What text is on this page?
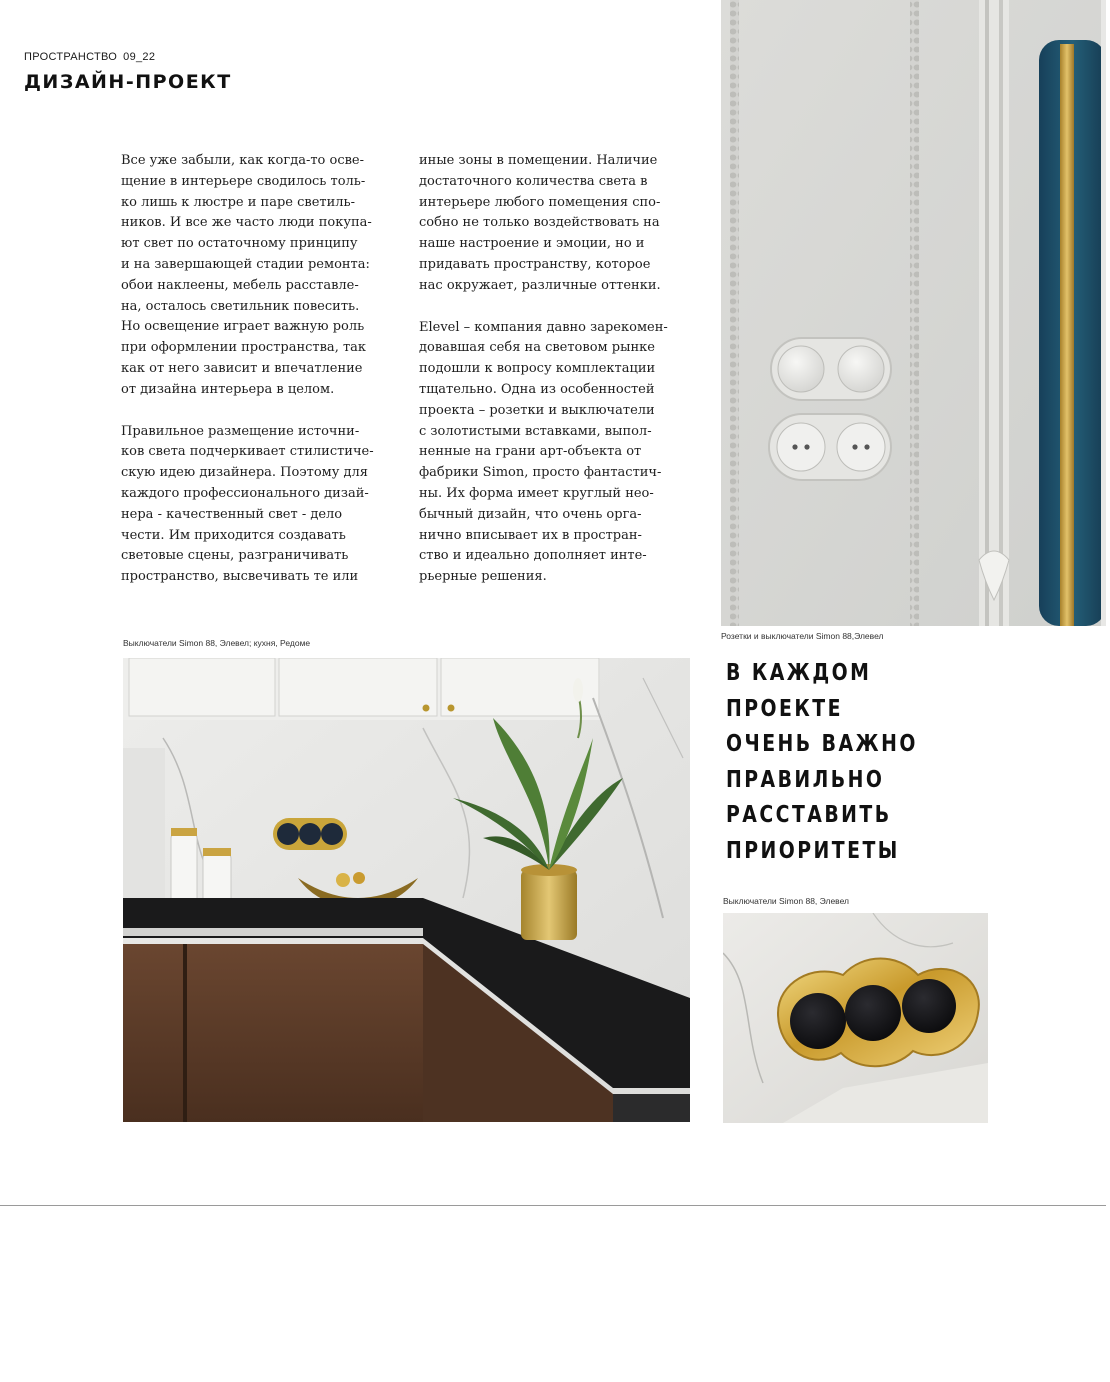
ПРОСТРАНСТВО 09_22
ДИЗАЙН-ПРОЕКТ

Все уже забыли, как когда-то осве-
щение в интерьере сводилось толь-
ко лишь к люстре и паре светиль-
ников. И все же часто люди покупа-
ют свет по остаточному принципу
и на завершающей стадии ремонта:
обои наклеены, мебель расставле-
на, осталось светильник повесить.
Но освещение играет важную роль
при оформлении пространства, так
как от него зависит и впечатление
от дизайна интерьера в целом.

Правильное размещение источни-
ков света подчеркивает стилистиче-
скую идею дизайнера. Поэтому для
каждого профессионального дизай-
нера - качественный свет - дело
чести. Им приходится создавать
световые сцены, разграничивать
пространство, высвечивать те или

иные зоны в помещении. Наличие
достаточного количества света в
интерьере любого помещения спо-
собно не только воздействовать на
наше настроение и эмоции, но и
придавать пространству, которое
нас окружает, различные оттенки.

Elevel – компания давно зарекомен-
довавшая себя на световом рынке
подошли к вопросу комплектации
тщательно. Одна из особенностей
проекта – розетки и выключатели
с золотистыми вставками, выпол-
ненные на грани арт-объекта от
фабрики Simon, просто фантастич-
ны. Их форма имеет круглый нео-
бычный дизайн, что очень орга-
нично вписывает их в простран-
ство и идеально дополняет инте-
рьерные решения.

Розетки и выключатели Simon 88,Элевел
Выключатели Simon 88, Элевел; кухня, Редоме

В КАЖДОМ
ПРОЕКТЕ
ОЧЕНЬ ВАЖНО
ПРАВИЛЬНО
РАССТАВИТЬ
ПРИОРИТЕТЫ

Выключатели Simon 88, Элевел
